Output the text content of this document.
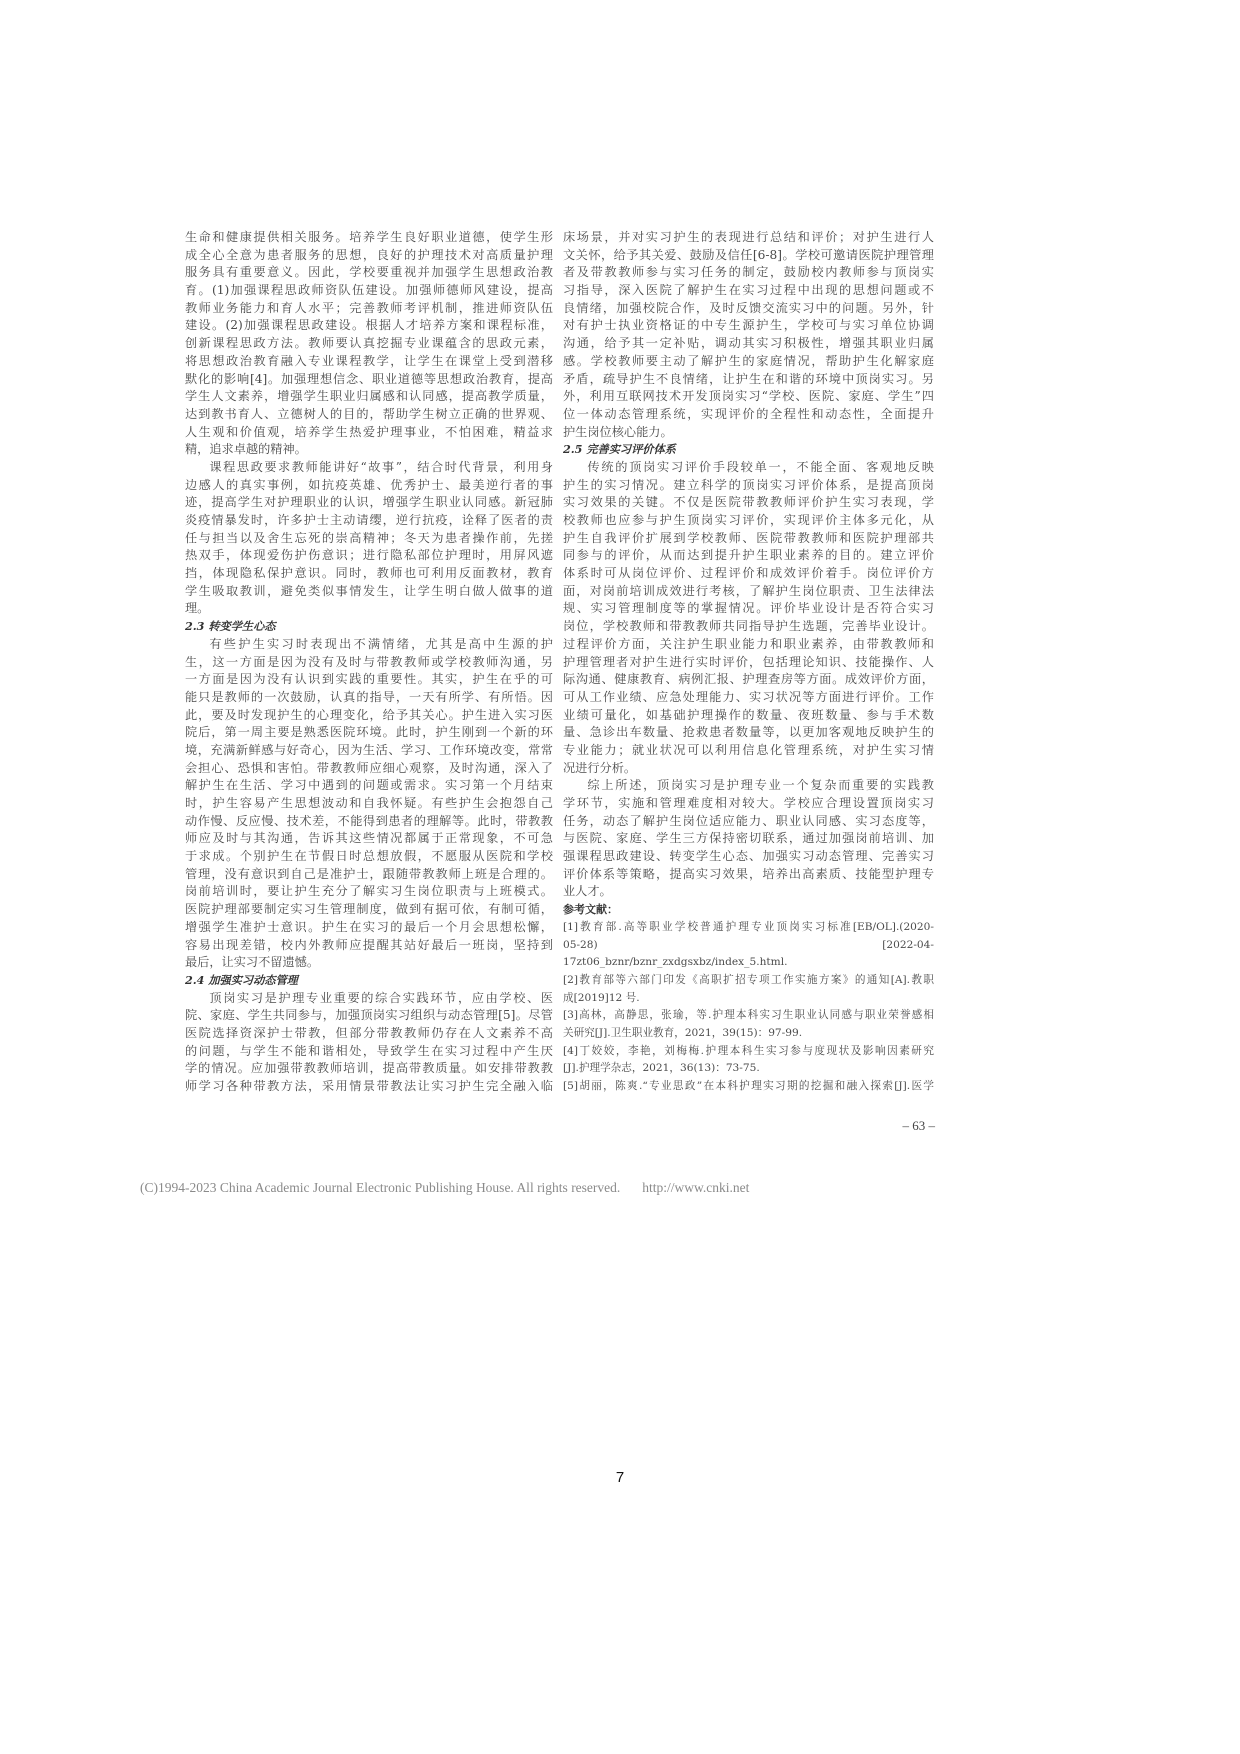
生命和健康提供相关服务。培养学生良好职业道德，使学生形
成全心全意为患者服务的思想，良好的护理技术对高质量护理
服务具有重要意义。因此，学校要重视并加强学生思想政治教
育。(1)加强课程思政师资队伍建设。加强师德师风建设，提高
教师业务能力和育人水平；完善教师考评机制，推进师资队伍
建设。(2)加强课程思政建设。根据人才培养方案和课程标准，
创新课程思政方法。教师要认真挖掘专业课蕴含的思政元素，
将思想政治教育融入专业课程教学，让学生在课堂上受到潜移
默化的影响[4]。加强理想信念、职业道德等思想政治教育，提高
学生人文素养，增强学生职业归属感和认同感，提高教学质量，
达到教书育人、立德树人的目的，帮助学生树立正确的世界观、
人生观和价值观，培养学生热爱护理事业，不怕困难，精益求
精，追求卓越的精神。
课程思政要求教师能讲好“故事”，结合时代背景，利用身
边感人的真实事例，如抗疫英雄、优秀护士、最美逆行者的事
迹，提高学生对护理职业的认识，增强学生职业认同感。新冠肺
炎疫情暴发时，许多护士主动请缨，逆行抗疫，诠释了医者的责
任与担当以及舍生忘死的崇高精神；冬天为患者操作前，先搓
热双手，体现爱伤护伤意识；进行隐私部位护理时，用屏风遮
挡，体现隐私保护意识。同时，教师也可利用反面教材，教育
学生吸取教训，避免类似事情发生，让学生明白做人做事的道
理。
2.3 转变学生心态
有些护生实习时表现出不满情绪，尤其是高中生源的护
生，这一方面是因为没有及时与带教教师或学校教师沟通，另
一方面是因为没有认识到实践的重要性。其实，护生在乎的可
能只是教师的一次鼓励，认真的指导，一天有所学、有所悟。因
此，要及时发现护生的心理变化，给予其关心。护生进入实习医
院后，第一周主要是熟悉医院环境。此时，护生刚到一个新的环
境，充满新鲜感与好奇心，因为生活、学习、工作环境改变，常常
会担心、恐惧和害怕。带教教师应细心观察，及时沟通，深入了
解护生在生活、学习中遇到的问题或需求。实习第一个月结束
时，护生容易产生思想波动和自我怀疑。有些护生会抱怨自己
动作慢、反应慢、技术差，不能得到患者的理解等。此时，带教教
师应及时与其沟通，告诉其这些情况都属于正常现象，不可急
于求成。个别护生在节假日时总想放假，不愿服从医院和学校
管理，没有意识到自己是准护士，跟随带教教师上班是合理的。
岗前培训时，要让护生充分了解实习生岗位职责与上班模式。
医院护理部要制定实习生管理制度，做到有据可依，有制可循，
增强学生准护士意识。护生在实习的最后一个月会思想松懈，
容易出现差错，校内外教师应提醒其站好最后一班岗，坚持到
最后，让实习不留遗憾。
2.4 加强实习动态管理
顶岗实习是护理专业重要的综合实践环节，应由学校、医
院、家庭、学生共同参与，加强顶岗实习组织与动态管理[5]。尽管
医院选择资深护士带教，但部分带教教师仍存在人文素养不高
的问题，与学生不能和谐相处，导致学生在实习过程中产生厌
学的情况。应加强带教教师培训，提高带教质量。如安排带教教
师学习各种带教方法，采用情景带教法让实习护生完全融入临
床场景，并对实习护生的表现进行总结和评价；对护生进行人
文关怀，给予其关爱、鼓励及信任[6-8]。学校可邀请医院护理管理
者及带教教师参与实习任务的制定，鼓励校内教师参与顶岗实
习指导，深入医院了解护生在实习过程中出现的思想问题或不
良情绪，加强校院合作，及时反馈交流实习中的问题。另外，针
对有护士执业资格证的中专生源护生，学校可与实习单位协调
沟通，给予其一定补贴，调动其实习积极性，增强其职业归属
感。学校教师要主动了解护生的家庭情况，帮助护生化解家庭
矛盾，疏导护生不良情绪，让护生在和谐的环境中顶岗实习。另
外，利用互联网技术开发顶岗实习“学校、医院、家庭、学生”四
位一体动态管理系统，实现评价的全程性和动态性，全面提升
护生岗位核心能力。
2.5 完善实习评价体系
传统的顶岗实习评价手段较单一，不能全面、客观地反映
护生的实习情况。建立科学的顶岗实习评价体系，是提高顶岗
实习效果的关键。不仅是医院带教教师评价护生实习表现，学
校教师也应参与护生顶岗实习评价，实现评价主体多元化，从
护生自我评价扩展到学校教师、医院带教教师和医院护理部共
同参与的评价，从而达到提升护生职业素养的目的。建立评价
体系时可从岗位评价、过程评价和成效评价着手。岗位评价方
面，对岗前培训成效进行考核，了解护生岗位职责、卫生法律法
规、实习管理制度等的掌握情况。评价毕业设计是否符合实习
岗位，学校教师和带教教师共同指导护生选题，完善毕业设计。
过程评价方面，关注护生职业能力和职业素养，由带教教师和
护理管理者对护生进行实时评价，包括理论知识、技能操作、人
际沟通、健康教育、病例汇报、护理查房等方面。成效评价方面，
可从工作业绩、应急处理能力、实习状况等方面进行评价。工作
业绩可量化，如基础护理操作的数量、夜班数量、参与手术数
量、急诊出车数量、抢救患者数量等，以更加客观地反映护生的
专业能力；就业状况可以利用信息化管理系统，对护生实习情
况进行分析。
综上所述，顶岗实习是护理专业一个复杂而重要的实践教
学环节，实施和管理难度相对较大。学校应合理设置顶岗实习
任务，动态了解护生岗位适应能力、职业认同感、实习态度等，
与医院、家庭、学生三方保持密切联系，通过加强岗前培训、加
强课程思政建设、转变学生心态、加强实习动态管理、完善实习
评价体系等策略，提高实习效果，培养出高素质、技能型护理专
业人才。
参考文献：
[1]教育部.高等职业学校普通护理专业顶岗实习标准[EB/OL].(2020-
05-28) [2022-04-
17zt06_bznr/bznr_zxdgsxbz/index_5.html.
[2]教育部等六部门印发《高职扩招专项工作实施方案》的通知[A].教职
成[2019]12 号.
[3]高林，高静思，张瑜，等.护理本科实习生职业认同感与职业荣誉感相
关研究[J].卫生职业教育，2021，39(15)：97-99.
[4]丁姣姣，李艳，刘梅梅.护理本科生实习参与度现状及影响因素研究
[J].护理学杂志，2021，36(13)：73-75.
[5]胡丽，陈爽.“专业思政”在本科护理实习期的挖掘和融入探索[J].医学
– 63 –
(C)1994-2023 China Academic Journal Electronic Publishing House. All rights reserved. http://www.cnki.net
7
